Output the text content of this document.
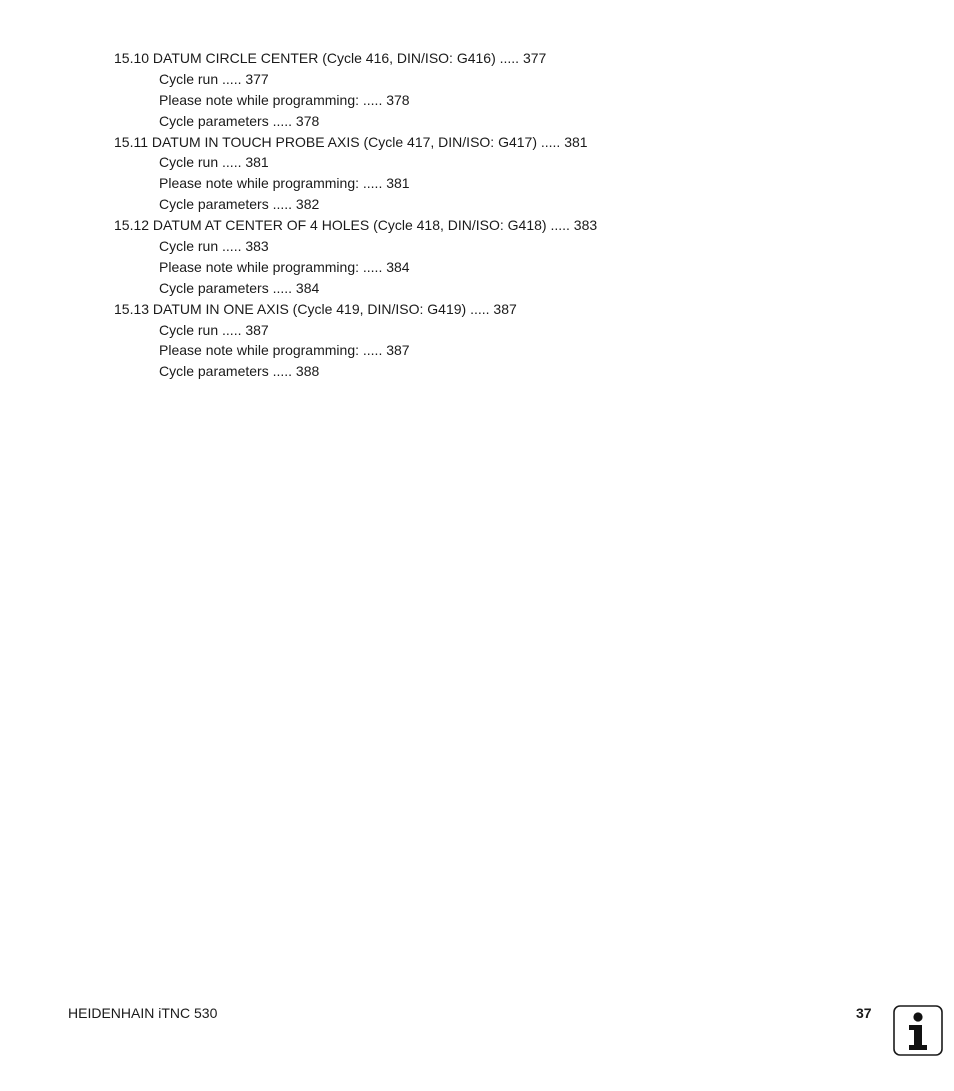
15.10 DATUM CIRCLE CENTER (Cycle 416, DIN/ISO: G416) ..... 377
Cycle run ..... 377
Please note while programming: ..... 378
Cycle parameters ..... 378
15.11 DATUM IN TOUCH PROBE AXIS (Cycle 417, DIN/ISO: G417) ..... 381
Cycle run ..... 381
Please note while programming: ..... 381
Cycle parameters ..... 382
15.12 DATUM AT CENTER OF 4 HOLES (Cycle 418, DIN/ISO: G418) ..... 383
Cycle run ..... 383
Please note while programming: ..... 384
Cycle parameters ..... 384
15.13 DATUM IN ONE AXIS (Cycle 419, DIN/ISO: G419) ..... 387
Cycle run ..... 387
Please note while programming: ..... 387
Cycle parameters ..... 388
HEIDENHAIN iTNC 530	37
